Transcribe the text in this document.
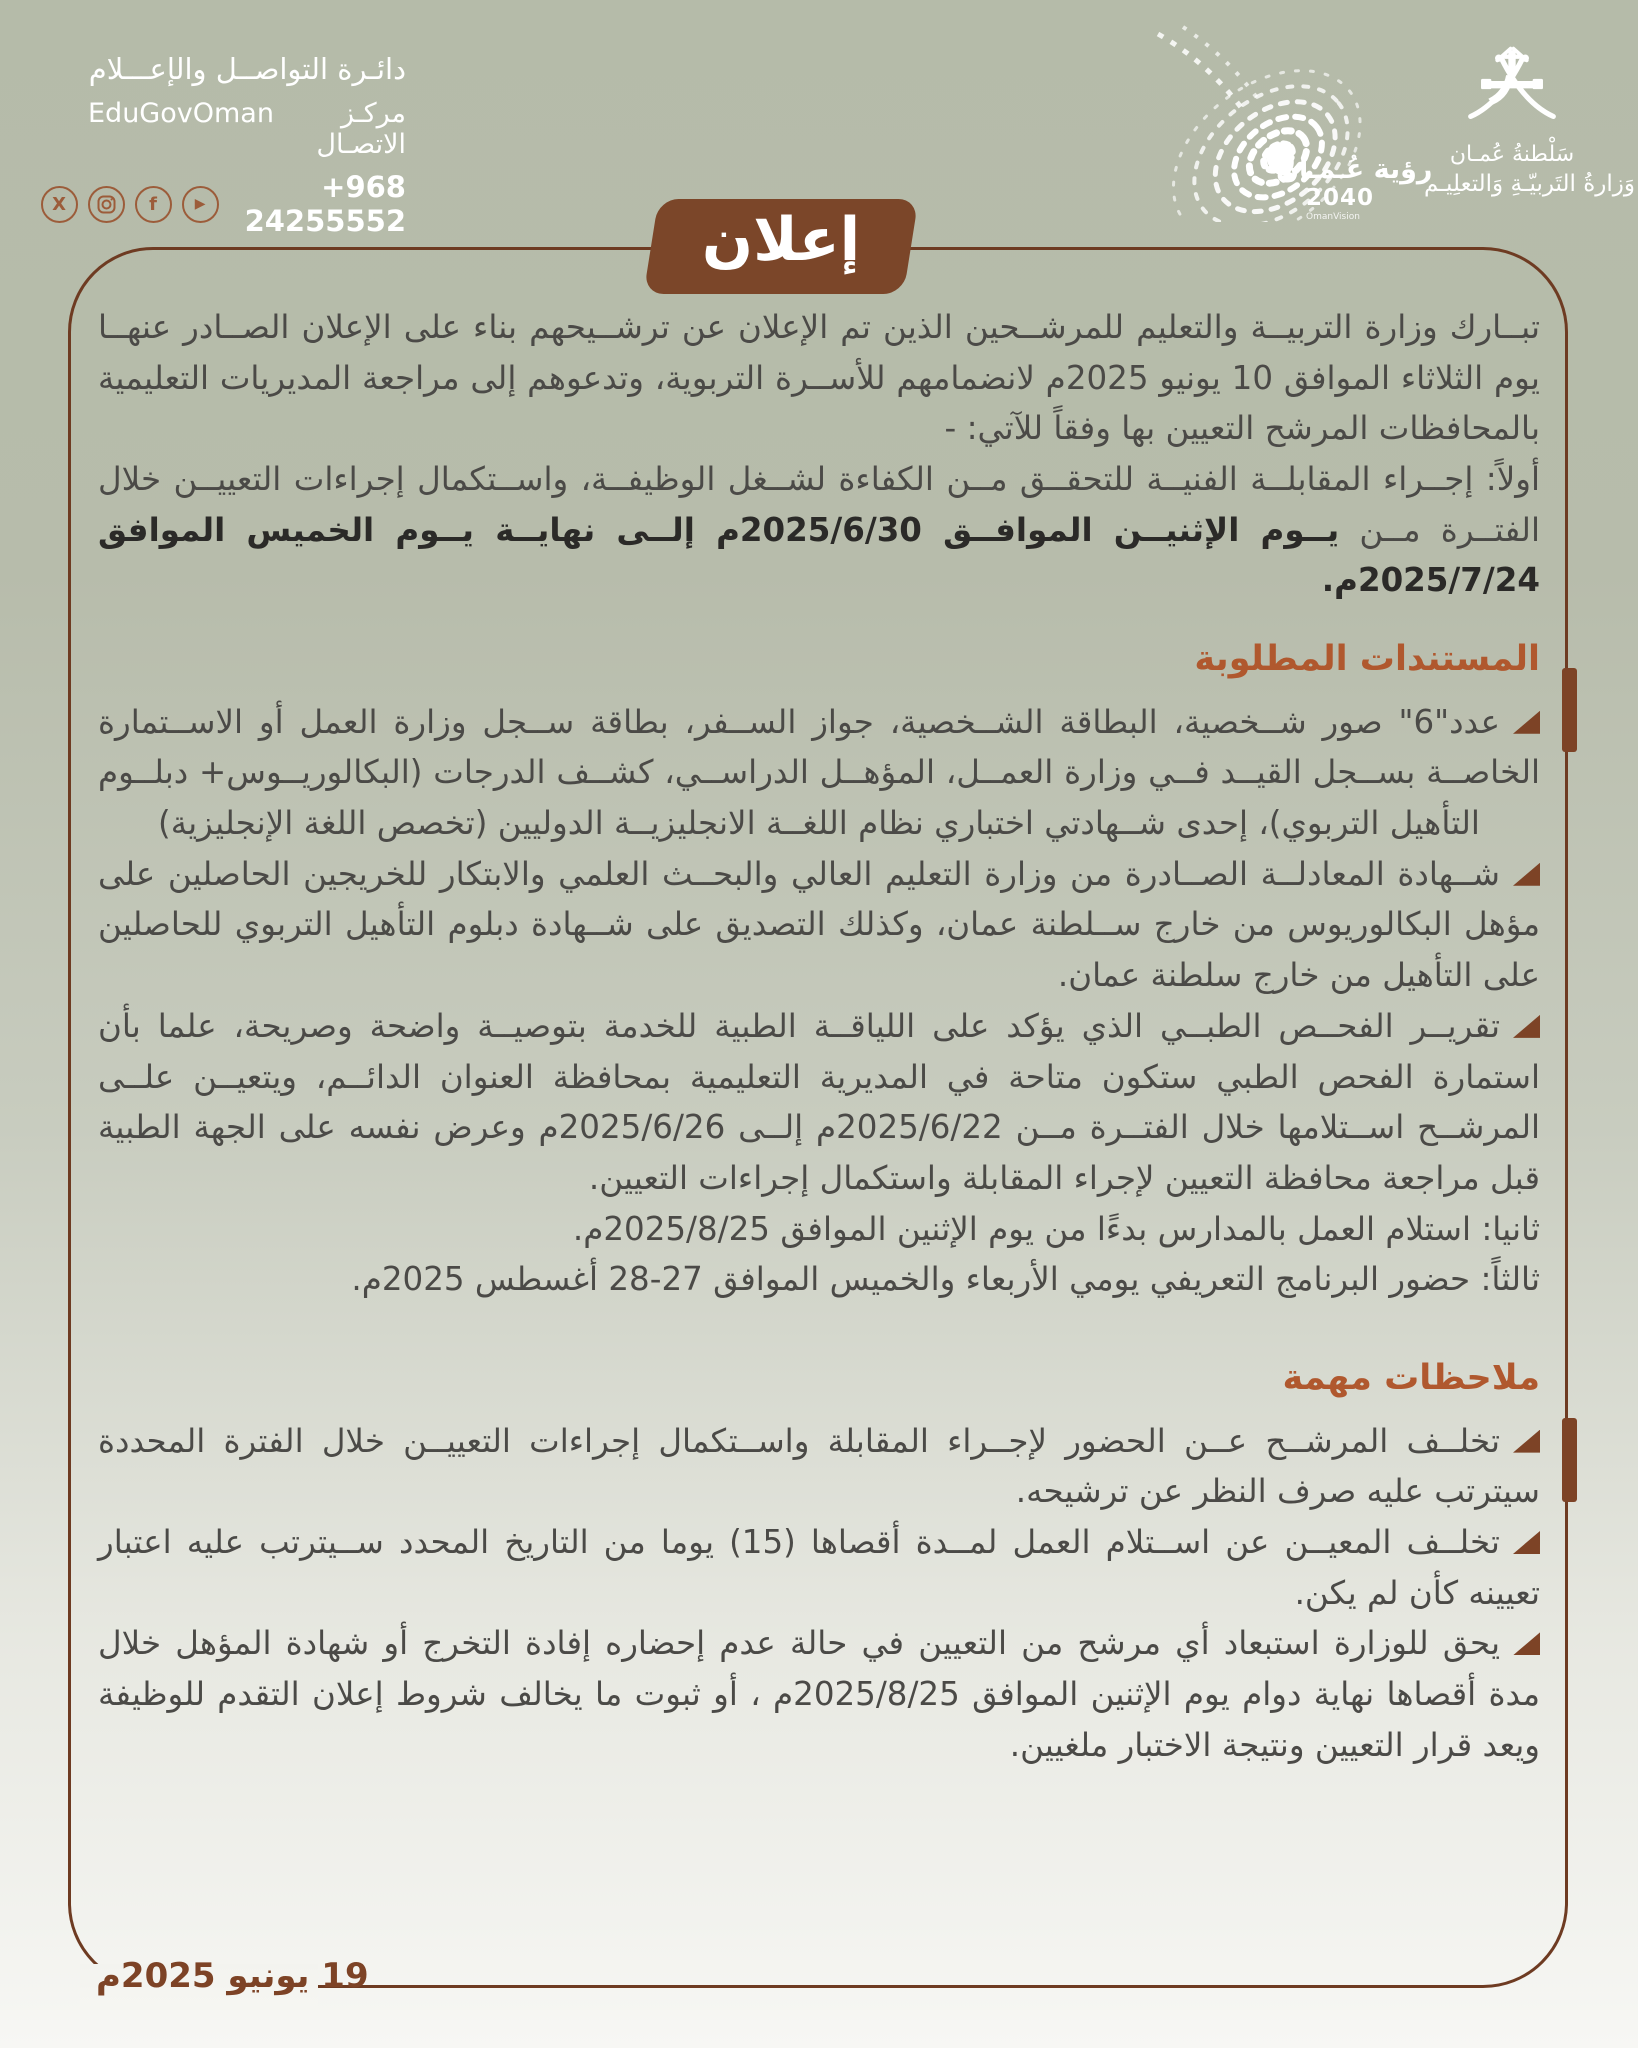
دائـرة التواصــل والإعـــلام
مركـز الاتصـال
EduGovOman
+968 24255552
X	f	▶
رؤية عُـمـان
2040
OmanVision
سَلْطنةُ عُمـان
وَزارةُ التَربيّـةِ وَالتعلِيـم
إعلان

تبــارك وزارة التربيــة والتعليم للمرشــحين الذين تم الإعلان عن ترشــيحهم بناء على الإعلان الصــادر عنهــا يوم الثلاثاء الموافق 10 يونيو 2025م لانضمامهم للأســرة التربوية، وتدعوهم إلى مراجعة المديريات التعليمية بالمحافظات المرشح التعيين بها وفقاً للآتي: -

أولاً: إجــراء المقابلــة الفنيــة للتحقــق مــن الكفاءة لشــغل الوظيفــة، واســتكمال إجراءات التعييــن خلال الفتــرة مــن يــوم الإثنيــن الموافــق 2025/6/30م إلــى نهايــة يــوم الخميس الموافق 2025/7/24م.

المستندات المطلوبة

عدد"6" صور شــخصية، البطاقة الشــخصية، جواز الســفر، بطاقة ســجل وزارة العمل أو الاســتمارة الخاصــة بســجل القيــد فــي وزارة العمــل، المؤهــل الدراســي، كشــف الدرجات (البكالوريــوس+ دبلــوم التأهيل التربوي)، إحدى شــهادتي اختباري نظام اللغــة الانجليزيــة الدوليين (تخصص اللغة الإنجليزية)

شــهادة المعادلــة الصــادرة من وزارة التعليم العالي والبحــث العلمي والابتكار للخريجين الحاصلين على مؤهل البكالوريوس من خارج ســلطنة عمان، وكذلك التصديق على شــهادة دبلوم التأهيل التربوي للحاصلين على التأهيل من خارج سلطنة عمان.

تقريــر الفحــص الطبــي الذي يؤكد على اللياقــة الطبية للخدمة بتوصيــة واضحة وصريحة، علما بأن استمارة الفحص الطبي ستكون متاحة في المديرية التعليمية بمحافظة العنوان الدائــم، ويتعيــن علــى المرشــح اســتلامها خلال الفتــرة مــن 2025/6/22م إلــى 2025/6/26م وعرض نفسه على الجهة الطبية قبل مراجعة محافظة التعيين لإجراء المقابلة واستكمال إجراءات التعيين.

ثانيا: استلام العمل بالمدارس بدءًا من يوم الإثنين الموافق 2025/8/25م.

ثالثاً: حضور البرنامج التعريفي يومي الأربعاء والخميس الموافق 27-28 أغسطس 2025م.

ملاحظات مهمة

تخلــف المرشــح عــن الحضور لإجــراء المقابلة واســتكمال إجراءات التعييــن خلال الفترة المحددة سيترتب عليه صرف النظر عن ترشيحه.

تخلــف المعيــن عن اســتلام العمل لمــدة أقصاها (15) يوما من التاريخ المحدد ســيترتب عليه اعتبار تعيينه كأن لم يكن.

يحق للوزارة استبعاد أي مرشح من التعيين في حالة عدم إحضاره إفادة التخرج أو شهادة المؤهل خلال مدة أقصاها نهاية دوام يوم الإثنين الموافق 2025/8/25م ، أو ثبوت ما يخالف شروط إعلان التقدم للوظيفة ويعد قرار التعيين ونتيجة الاختبار ملغيين.

19 يونيو 2025م
